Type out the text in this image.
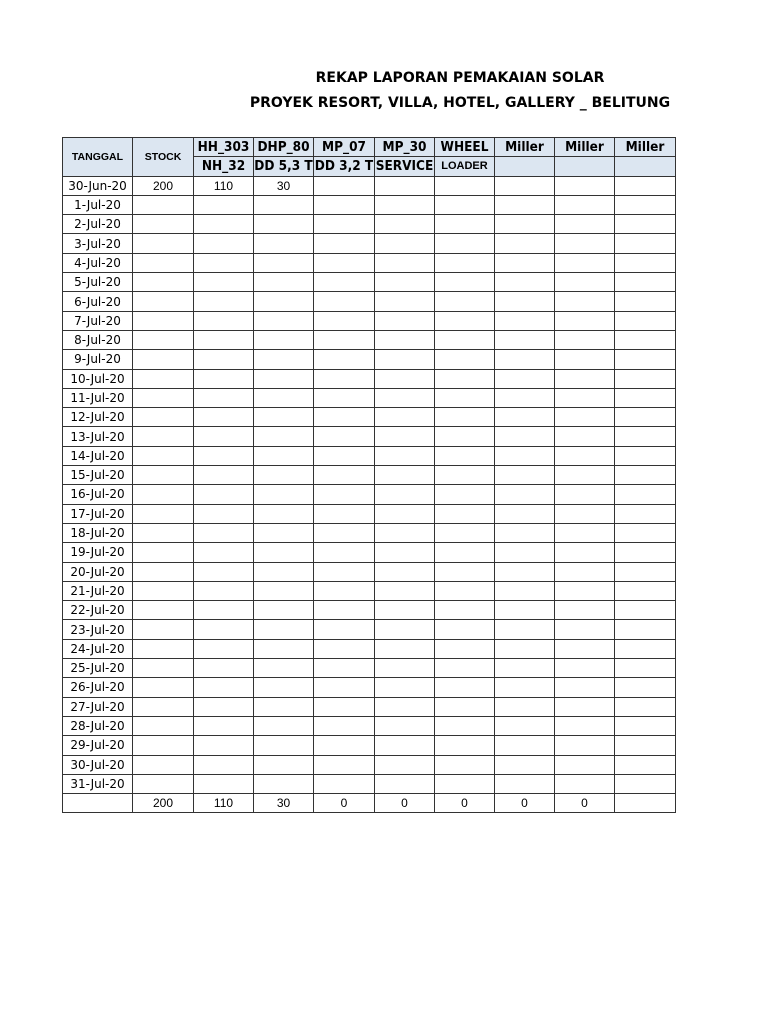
REKAP LAPORAN PEMAKAIAN SOLAR
PROYEK RESORT, VILLA, HOTEL, GALLERY _ BELITUNG
TANGGAL	STOCK	HH_303	DHP_80	MP_07	MP_30	WHEEL	Miller	Miller	Miller
		NH_32	DD 5,3 T	DD 3,2 T	SERVICE	LOADER			
30-Jun-20	200	110	30						
1-Jul-20									
2-Jul-20									
3-Jul-20									
4-Jul-20									
5-Jul-20									
6-Jul-20									
7-Jul-20									
8-Jul-20									
9-Jul-20									
10-Jul-20									
11-Jul-20									
12-Jul-20									
13-Jul-20									
14-Jul-20									
15-Jul-20									
16-Jul-20									
17-Jul-20									
18-Jul-20									
19-Jul-20									
20-Jul-20									
21-Jul-20									
22-Jul-20									
23-Jul-20									
24-Jul-20									
25-Jul-20									
26-Jul-20									
27-Jul-20									
28-Jul-20									
29-Jul-20									
30-Jul-20									
31-Jul-20									
	200	110	30	0	0	0	0	0	
